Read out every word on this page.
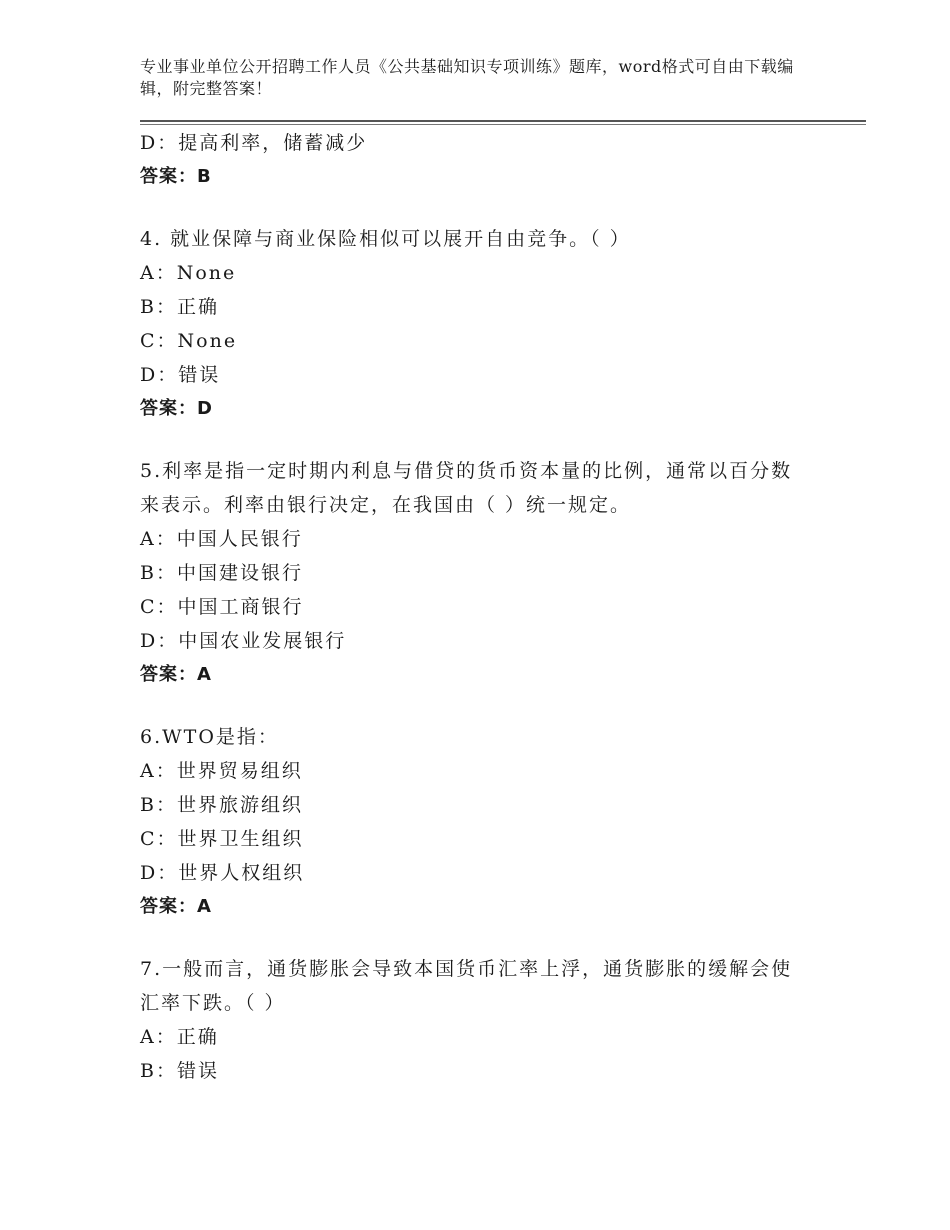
专业事业单位公开招聘工作人员《公共基础知识专项训练》题库，word格式可自由下载编辑，附完整答案！
D：提高利率，储蓄减少
答案：B
4. 就业保障与商业保险相似可以展开自由竞争。（ ）
A：None
B：正确
C：None
D：错误
答案：D
5.利率是指一定时期内利息与借贷的货币资本量的比例，通常以百分数来表示。利率由银行决定，在我国由（ ）统一规定。
A：中国人民银行
B：中国建设银行
C：中国工商银行
D：中国农业发展银行
答案：A
6.WTO是指：
A：世界贸易组织
B：世界旅游组织
C：世界卫生组织
D：世界人权组织
答案：A
7.一般而言，通货膨胀会导致本国货币汇率上浮，通货膨胀的缓解会使汇率下跌。（ ）
A：正确
B：错误
